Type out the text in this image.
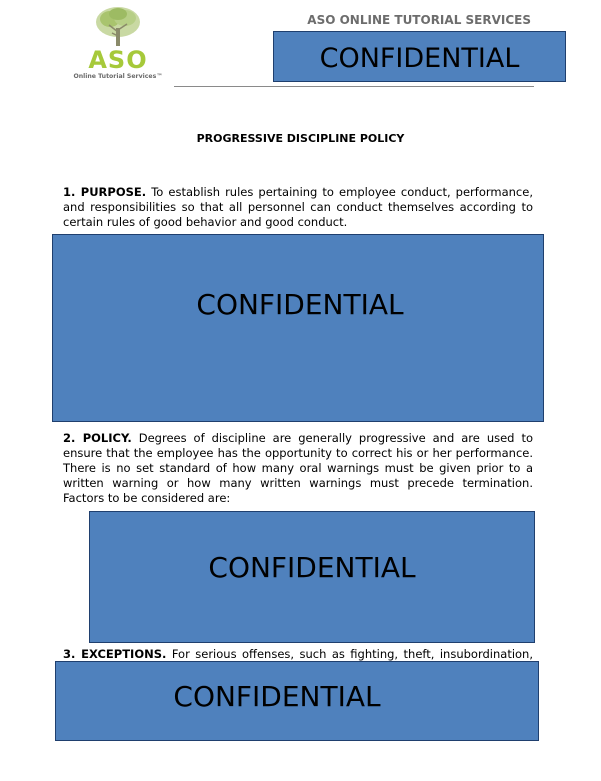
ASO
Online Tutorial Services™
ASO ONLINE TUTORIAL SERVICES
CONFIDENTIAL
PROGRESSIVE DISCIPLINE POLICY

1. PURPOSE. To establish rules pertaining to employee conduct, performance, and responsibilities so that all personnel can conduct themselves according to certain rules of good behavior and good conduct.

CONFIDENTIAL

2. POLICY. Degrees of discipline are generally progressive and are used to ensure that the employee has the opportunity to correct his or her performance. There is no set standard of how many oral warnings must be given prior to a written warning or how many written warnings must precede termination. Factors to be considered are:

CONFIDENTIAL

3. EXCEPTIONS. For serious offenses, such as fighting, theft, insubordination,

CONFIDENTIAL
